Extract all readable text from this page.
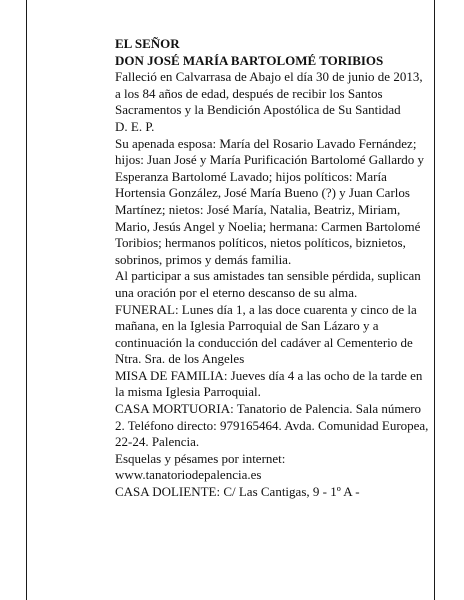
EL SEÑOR

DON JOSÉ MARÍA BARTOLOMÉ TORIBIOS

Falleció en Calvarrasa de Abajo el día 30 de junio de 2013, a los 84 años de edad, después de recibir los Santos Sacramentos y la Bendición Apostólica de Su Santidad

D. E. P.

Su apenada esposa: María del Rosario Lavado Fernández; hijos: Juan José y María Purificación Bartolomé Gallardo y Esperanza Bartolomé Lavado; hijos políticos: María Hortensia González, José María Bueno (?) y Juan Carlos Martínez; nietos: José María, Natalia, Beatriz, Miriam, Mario, Jesús Angel y Noelia; hermana: Carmen Bartolomé Toribios; hermanos políticos, nietos políticos, biznietos, sobrinos, primos y demás familia.

Al participar a sus amistades tan sensible pérdida, suplican una oración por el eterno descanso de su alma.

FUNERAL: Lunes día 1, a las doce cuarenta y cinco de la mañana, en la Iglesia Parroquial de San Lázaro y a continuación la conducción del cadáver al Cementerio de Ntra. Sra. de los Angeles

MISA DE FAMILIA: Jueves día 4 a las ocho de la tarde en la misma Iglesia Parroquial.

CASA MORTUORIA: Tanatorio de Palencia. Sala número 2. Teléfono directo: 979165464. Avda. Comunidad Europea, 22-24. Palencia.

Esquelas y pésames por internet: www.tanatoriodepalencia.es

CASA DOLIENTE: C/ Las Cantigas, 9 - 1º A -
